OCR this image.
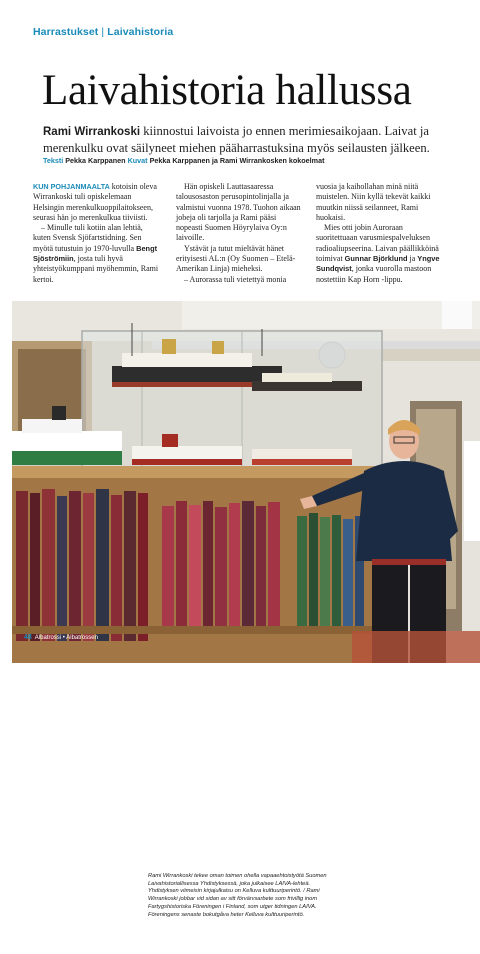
Harrastukset | Laivahistoria
Laivahistoria hallussa

Rami Wirrankoski kiinnostui laivoista jo ennen merimiesaikojaan. Laivat ja merenkulku ovat säilyneet miehen pääharrastuksina myös seilausten jälkeen.

Teksti Pekka Karppanen Kuvat Pekka Karppanen ja Rami Wirrankosken kokoelmat

KUN POHJANMAALTA kotoisin oleva Wirrankoski tuli opiskelemaan Helsingin merenkulkuoppilaitokseen, seurasi hän jo merenkulkua tiiviisti.

– Minulle tuli kotiin alan lehtiä, kuten Svensk Sjöfartstidning. Sen myötä tutustuin jo 1970-luvulla Bengt Sjöströmiin, josta tuli hyvä yhteistyökumppani myöhemmin, Rami kertoi.

Hän opiskeli Lauttasaaressa talousosaston perusopintolinjalla ja valmistui vuonna 1978. Tuohon aikaan jobeja oli tarjolla ja Rami pääsi nopeasti Suomen Höyrylaiva Oy:n laivoille.

Ystävät ja tutut mieltävät hänet erityisesti AL:n (Oy Suomen – Etelä-Amerikan Linja) mieheksi.

– Aurorassa tuli vietettyä monia

vuosia ja kaihollahan minä niitä muistelen. Niin kyllä tekevät kaikki muutkin niissä seilanneet, Rami huokaisi.

Mies otti jobin Auroraan suoritettuaan varusmiespalveluksen radioaliupseerina. Laivan päällikköinä toimivat Gunnar Björklund ja Yngve Sundqvist, jonka vuorolla mastoon nostettiin Kap Horn -lippu.

Rami Wirrankoski tekee oman toimen ohella vapaaehtoistyötä Suomen Laivahistoriallisessa Yhdistyksessä, joka julkaisee LAIVA-lehteä. Yhdistyksen viimeisin kirjajulkaisu on Kelluva kulttuuriperintö. / Rami Wirrankoski jobbar vid sidan av sitt förvärvsarbete som frivillig inom Fartygshistoriska Föreningen i Finland, som utger tidningen LAIVA. Föreningens senaste bokutgåva heter Kelluva kulttuuriperintö.
48 Albatrossi • Albatrossen
